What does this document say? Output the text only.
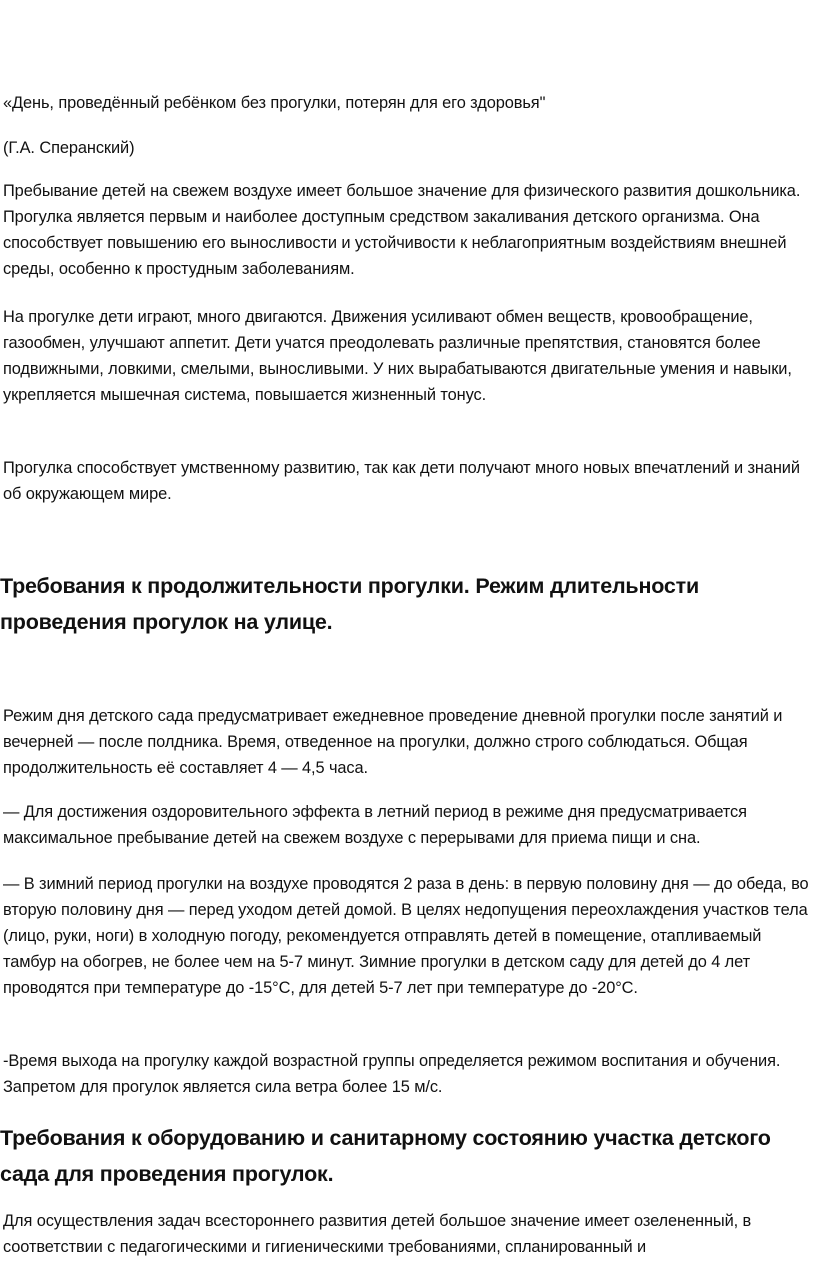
«День, проведённый ребёнком без прогулки, потерян для его здоровья"

(Г.А. Сперанский)

Пребывание детей на свежем воздухе имеет большое значение для физического развития дошкольника. Прогулка является первым и наиболее доступным средством закаливания детского организма. Она способствует повышению его выносливости и устойчивости к неблагоприятным воздействиям внешней среды, особенно к простудным заболеваниям.

На прогулке дети играют, много двигаются. Движения усиливают обмен веществ, кровообращение, газообмен, улучшают аппетит. Дети учатся преодолевать различные препятствия, становятся более подвижными, ловкими, смелыми, выносливыми. У них вырабатываются двигательные умения и навыки, укрепляется мышечная система, повышается жизненный тонус.

Прогулка способствует умственному развитию, так как дети получают много новых впечатлений и знаний об окружающем мире.

Требования к продолжительности прогулки. Режим длительности проведения прогулок на улице.

Режим дня детского сада предусматривает ежедневное проведение дневной прогулки после занятий и вечерней — после полдника. Время, отведенное на прогулки, должно строго соблюдаться. Общая продолжительность её составляет 4 — 4,5 часа.

— Для достижения оздоровительного эффекта в летний период в режиме дня предусматривается максимальное пребывание детей на свежем воздухе с перерывами для приема пищи и сна.

— В зимний период прогулки на воздухе проводятся 2 раза в день: в первую половину дня — до обеда, во вторую половину дня — перед уходом детей домой. В целях недопущения переохлаждения участков тела (лицо, руки, ноги) в холодную погоду, рекомендуется отправлять детей в помещение, отапливаемый тамбур на обогрев, не более чем на 5-7 минут. Зимние прогулки в детском саду для детей до 4 лет проводятся при температуре до -15°С, для детей 5-7 лет при температуре до -20°С.

-Время выхода на прогулку каждой возрастной группы определяется режимом воспитания и обучения. Запретом для прогулок является сила ветра более 15 м/с.

Требования к оборудованию и санитарному состоянию участка детского сада для проведения прогулок.

Для осуществления задач всестороннего развития детей большое значение имеет озелененный, в соответствии с педагогическими и гигиеническими требованиями, спланированный и
